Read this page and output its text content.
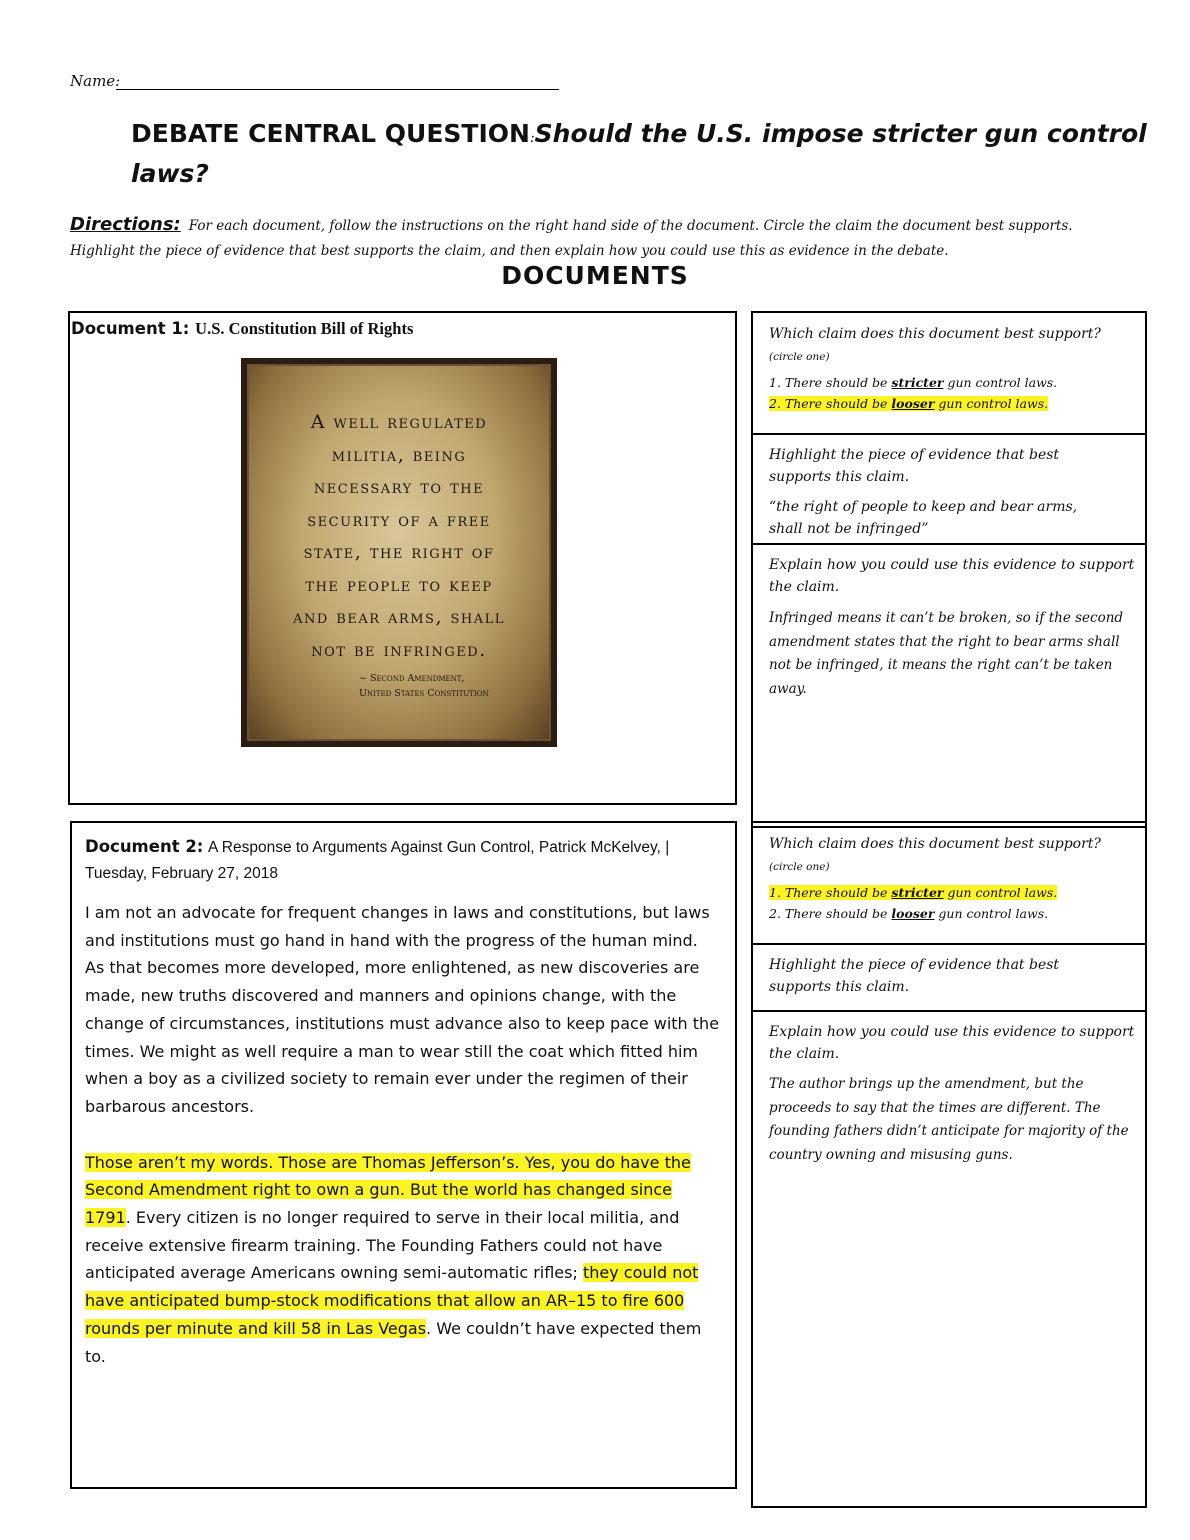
Name:
DEBATE CENTRAL QUESTION:Should the U.S. impose stricter gun control laws?
Directions: For each document, follow the instructions on the right hand side of the document. Circle the claim the document best supports. Highlight the piece of evidence that best supports the claim, and then explain how you could use this as evidence in the debate.
DOCUMENTS
Document 1: U.S. Constitution Bill of Rights
A well regulated
militia, being
necessary to the
security of a free
state, the right of
the people to keep
and bear arms, shall
not be infringed.
~ Second Amendment,
United States Constitution
Which claim does this document best support? (circle one)
1. There should be stricter gun control laws.
2. There should be looser gun control laws.
Highlight the piece of evidence that best supports this claim.
“the right of people to keep and bear arms, shall not be infringed”
Explain how you could use this evidence to support the claim.
Infringed means it can’t be broken, so if the second amendment states that the right to bear arms shall not be infringed, it means the right can’t be taken away.
Document 2: A Response to Arguments Against Gun Control, Patrick McKelvey, | Tuesday, February 27, 2018
I am not an advocate for frequent changes in laws and constitutions, but laws and institutions must go hand in hand with the progress of the human mind. As that becomes more developed, more enlightened, as new discoveries are made, new truths discovered and manners and opinions change, with the change of circumstances, institutions must advance also to keep pace with the times. We might as well require a man to wear still the coat which fitted him when a boy as a civilized society to remain ever under the regimen of their barbarous ancestors.
Those aren’t my words. Those are Thomas Jefferson’s. Yes, you do have the Second Amendment right to own a gun. But the world has changed since 1791. Every citizen is no longer required to serve in their local militia, and receive extensive firearm training. The Founding Fathers could not have anticipated average Americans owning semi-automatic rifles; they could not have anticipated bump-stock modifications that allow an AR–15 to fire 600 rounds per minute and kill 58 in Las Vegas. We couldn’t have expected them to.
Which claim does this document best support? (circle one)
1. There should be stricter gun control laws.
2. There should be looser gun control laws.
Highlight the piece of evidence that best supports this claim.
Explain how you could use this evidence to support the claim.
The author brings up the amendment, but the proceeds to say that the times are different. The founding fathers didn’t anticipate for majority of the country owning and misusing guns.
